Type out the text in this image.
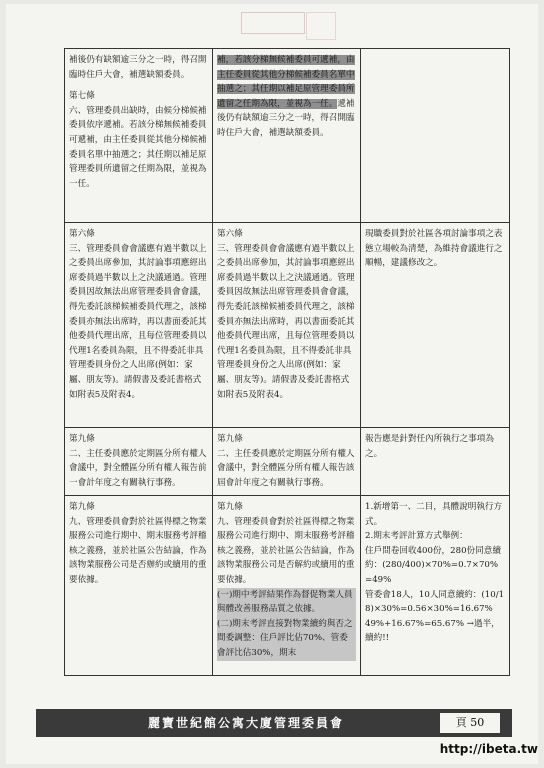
補後仍有缺額逾三分之一時，得召開臨時住戶大會，補選缺額委員。
第七條
六、管理委員出缺時，由候分梯候補委員依序遞補。若該分梯無候補委員可遞補，由主任委員從其他分梯候補委員名單中抽選之；其任期以補足原管理委員所遺留之任期為限，並視為一任。	補，若該分梯無候補委員可遞補，由主任委員從其他分梯候補委員名單中抽選之；其任期以補足原管理委員所遺留之任期為限，並視為一任。遞補後仍有缺額逾三分之一時，得召開臨時住戶大會，補選缺額委員。	

第六條
三、管理委員會會議應有過半數以上之委員出席參加，其討論事項應經出席委員過半數以上之決議通過。管理委員因故無法出席管理委員會會議，得先委託該梯候補委員代理之，該梯委員亦無法出席時，再以書面委託其他委員代理出席，且每位管理委員以代理1名委員為限，且不得委託非具管理委員身份之人出席(例如：家屬、朋友等)。請假書及委託書格式如附表5及附表4。	第六條
三、管理委員會會議應有過半數以上之委員出席參加，其討論事項應經出席委員過半數以上之決議通過。管理委員因故無法出席管理委員會會議，得先委託該梯候補委員代理之，該梯委員亦無法出席時，再以書面委託其他委員代理出席，且每位管理委員以代理1名委員為限，且不得委託非具管理委員身份之人出席(例如：家屬、朋友等)。請假書及委託書格式如附表5及附表4。	現職委員對於社區各項討論事項之表態立場較為清楚，為維持會議進行之順暢，建議修改之。

第九條
二、主任委員應於定期區分所有權人會議中，對全體區分所有權人報告前一會計年度之有關執行事務。	第九條
二、主任委員應於定期區分所有權人會議中，對全體區分所有權人報告該屆會計年度之有關執行事務。	報告應是針對任內所執行之事項為之。

第九條
九、管理委員會對於社區得標之物業服務公司進行期中、期末服務考評稽核之義務，並於社區公告結論，作為該物業服務公司是否辦約或續用的重要依據。	第九條
九、管理委員會對於社區得標之物業服務公司進行期中、期末服務考評稽核之義務，並於社區公告結論，作為該物業服務公司是否解約或續用的重要依據。
(一)期中考評結果作為督促物業人員與體改善服務品質之依據。
(二)期末考評直接對物業續約與否之間委調整：住戶評比佔70%、管委會評比佔30%，期末	1.新增第一、二目，具體說明執行方式。
2.期末考評計算方式舉例：
住戶問卷回收400份，280份同意續約：(280/400)×70%=0.7×70%=49%
管委會18人，10人同意續約：(10/18)×30%=0.56×30%=16.67%
49%+16.67%=65.67% →過半，續約!!
麗寶世紀館公寓大廈管理委員會	頁 50
http://ibeta.tw
